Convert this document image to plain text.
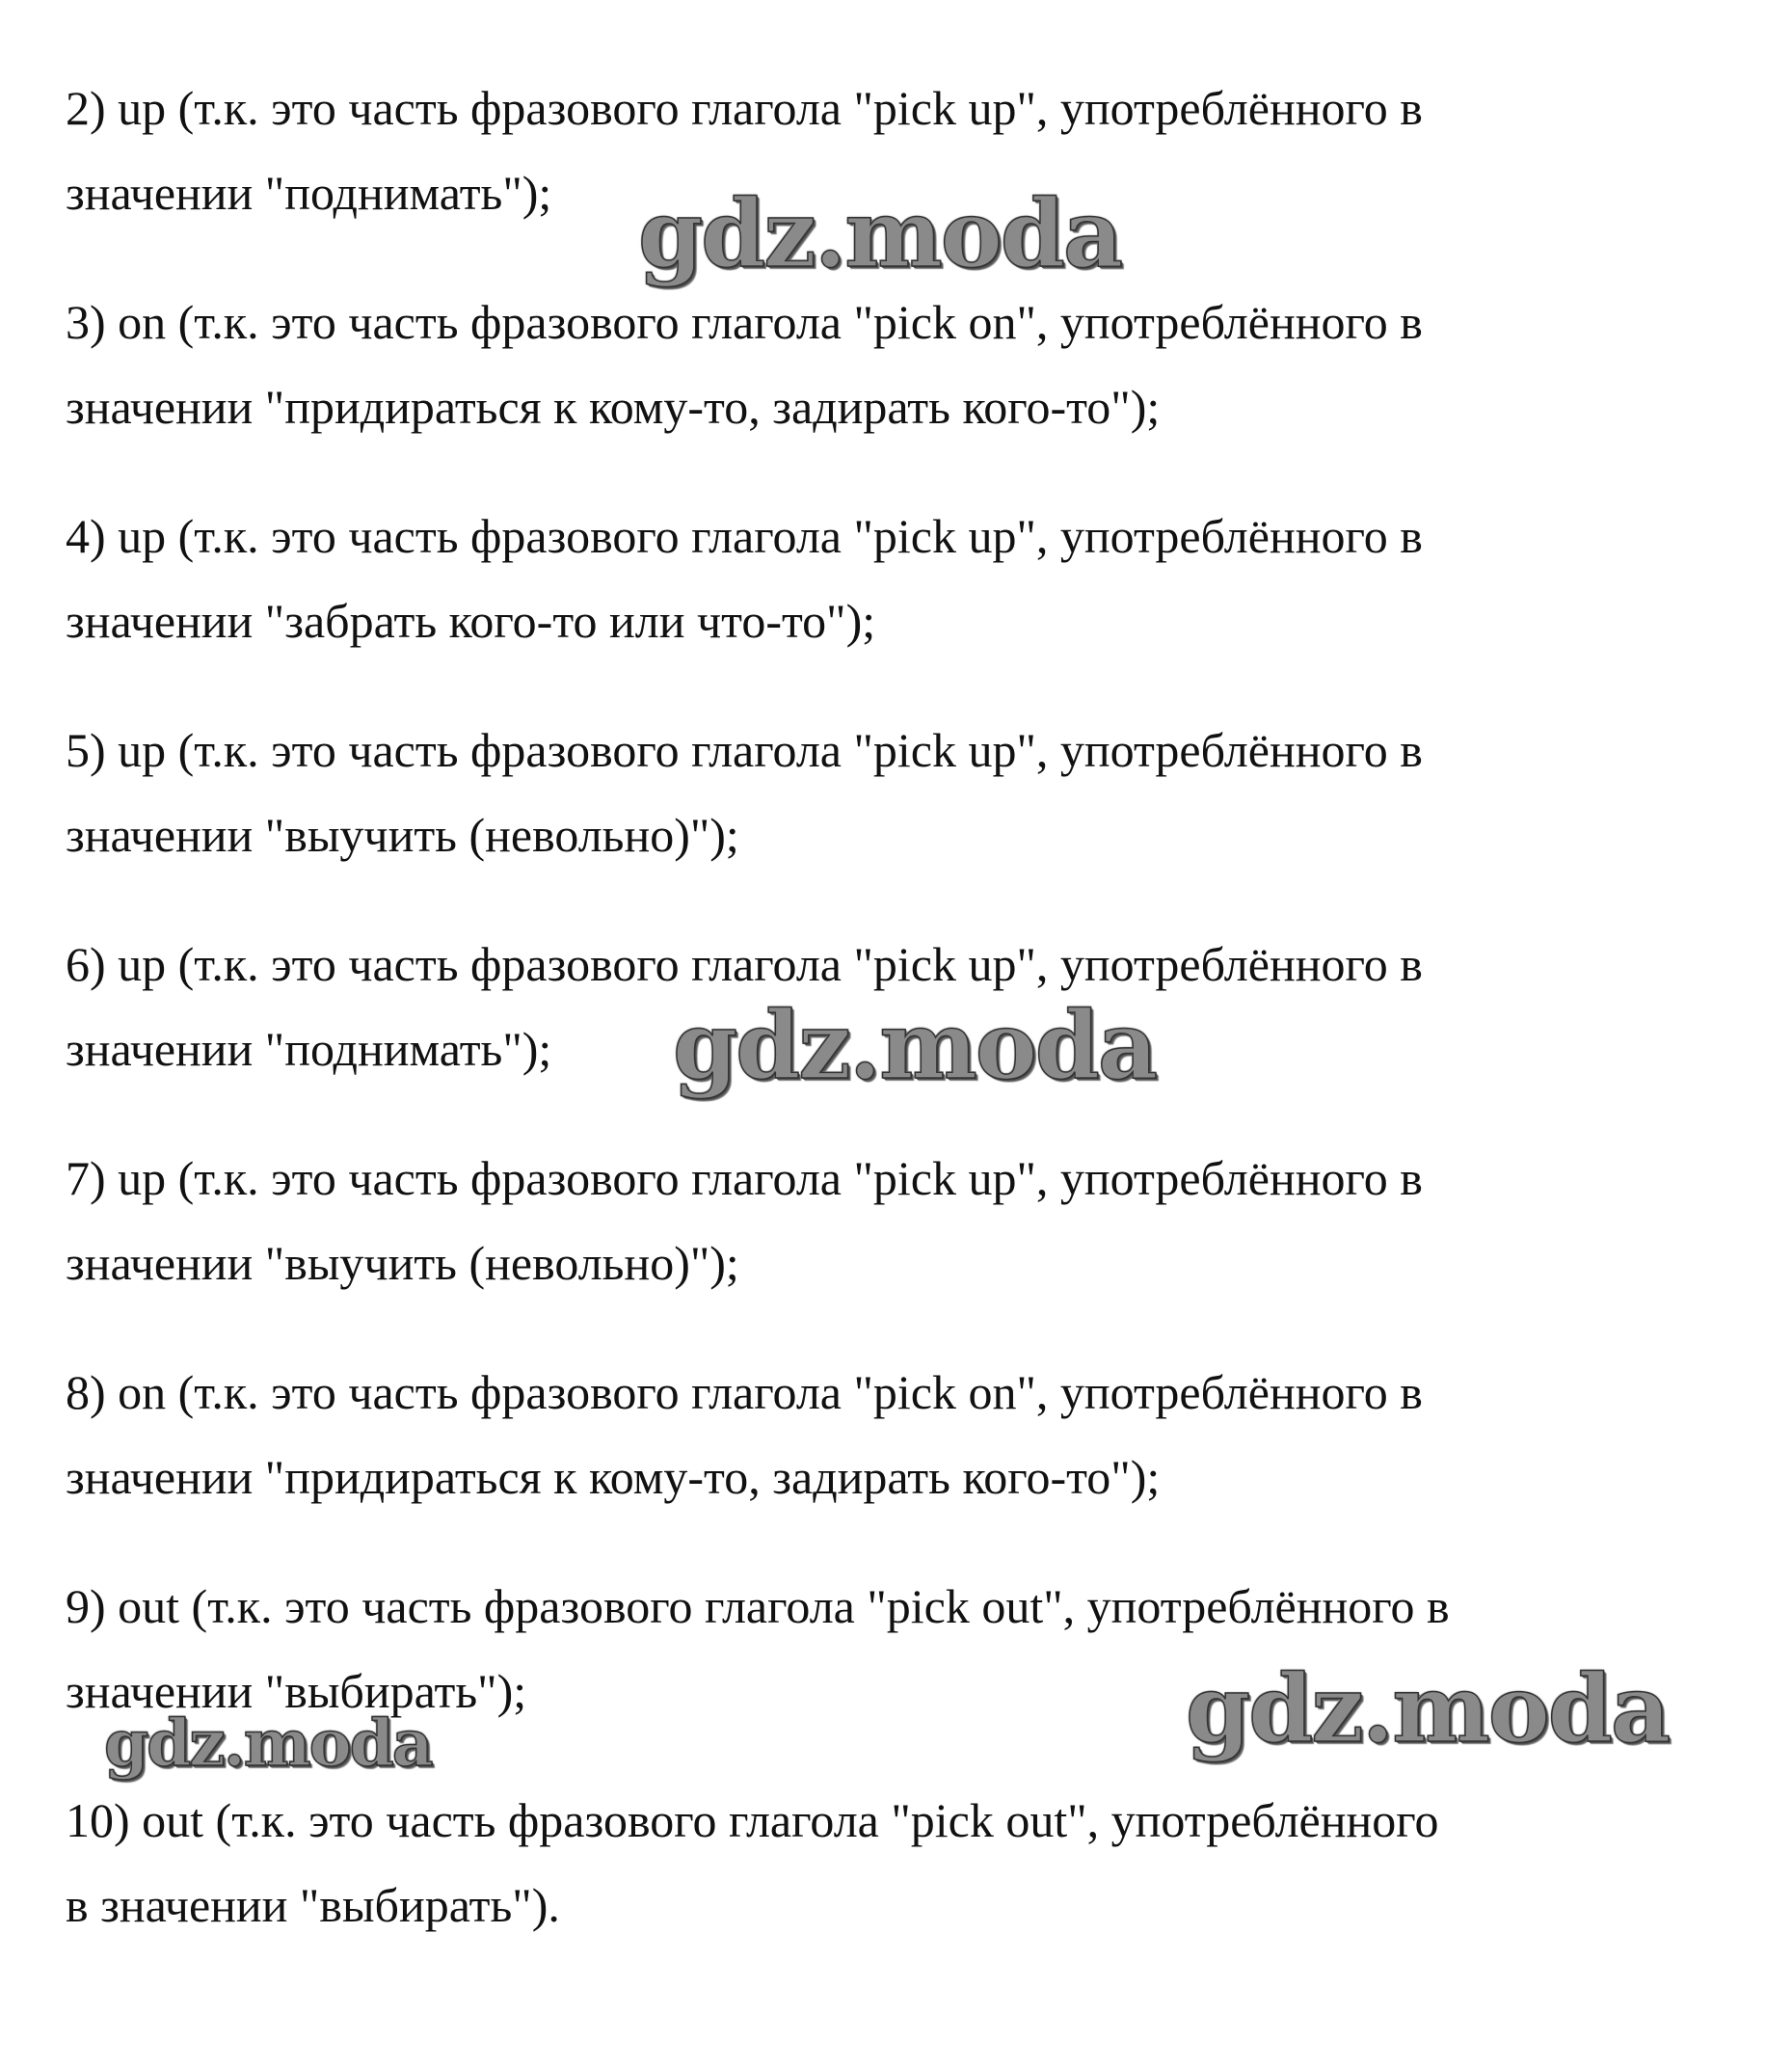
2) up (т.к. это часть фразового глагола "pick up", употреблённого в
значении "поднимать");
3) on (т.к. это часть фразового глагола "pick on", употреблённого в
значении "придираться к кому-то, задирать кого-то");
4) up (т.к. это часть фразового глагола "pick up", употреблённого в
значении "забрать кого-то или что-то");
5) up (т.к. это часть фразового глагола "pick up", употреблённого в
значении "выучить (невольно)");
6) up (т.к. это часть фразового глагола "pick up", употреблённого в
значении "поднимать");
7) up (т.к. это часть фразового глагола "pick up", употреблённого в
значении "выучить (невольно)");
8) on (т.к. это часть фразового глагола "pick on", употреблённого в
значении "придираться к кому-то, задирать кого-то");
9) out (т.к. это часть фразового глагола "pick out", употреблённого в
значении "выбирать");
10) out (т.к. это часть фразового глагола "pick out", употреблённого
в значении "выбирать").
gdz.moda
gdz.moda
gdz.moda
gdz.moda
